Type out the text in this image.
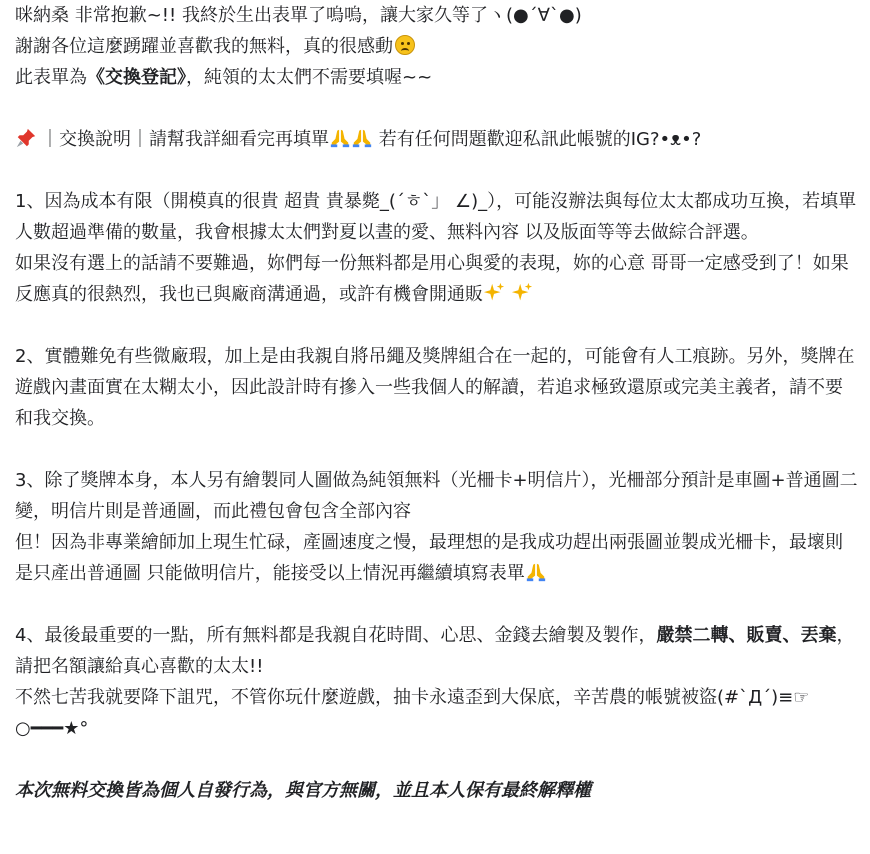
咪納桑 非常抱歉~!! 我終於生出表單了嗚嗚，讓大家久等了ヽ(●´∀`●)
謝謝各位這麼踴躍並喜歡我的無料，真的很感動
此表單為《交換登記》，純領的太太們不需要填喔~~
｜交換說明｜請幫我詳細看完再填單	若有任何問題歡迎私訊此帳號的IG?•ᴥ•?
1、因為成本有限（開模真的很貴 超貴 貴暴斃_(´ㅎ`」 ∠)_），可能沒辦法與每位太太都成功互換，若填單人數超過準備的數量，我會根據太太們對夏以晝的愛、無料內容 以及版面等等去做綜合評選。
如果沒有選上的話請不要難過，妳們每一份無料都是用心與愛的表現，妳的心意 哥哥一定感受到了！如果反應真的很熱烈，我也已與廠商溝通過，或許有機會開通販
2、實體難免有些微廠瑕，加上是由我親自將吊繩及獎牌組合在一起的，可能會有人工痕跡。另外，獎牌在遊戲內畫面實在太糊太小，因此設計時有摻入一些我個人的解讀，若追求極致還原或完美主義者，請不要和我交換。
3、除了獎牌本身，本人另有繪製同人圖做為純領無料（光柵卡+明信片），光柵部分預計是車圖+普通圖二變，明信片則是普通圖，而此禮包會包含全部內容
但！因為非專業繪師加上現生忙碌，產圖速度之慢，最理想的是我成功趕出兩張圖並製成光柵卡，最壞則是只產出普通圖 只能做明信片，能接受以上情況再繼續填寫表單
4、最後最重要的一點，所有無料都是我親自花時間、心思、金錢去繪製及製作，嚴禁二轉、販賣、丟棄，請把名額讓給真心喜歡的太太!!
不然七苦我就要降下詛咒，不管你玩什麼遊戲，抽卡永遠歪到大保底，辛苦農的帳號被盜(#`Д´)≡☞○━━━★°
本次無料交換皆為個人自發行為，與官方無關，並且本人保有最終解釋權
